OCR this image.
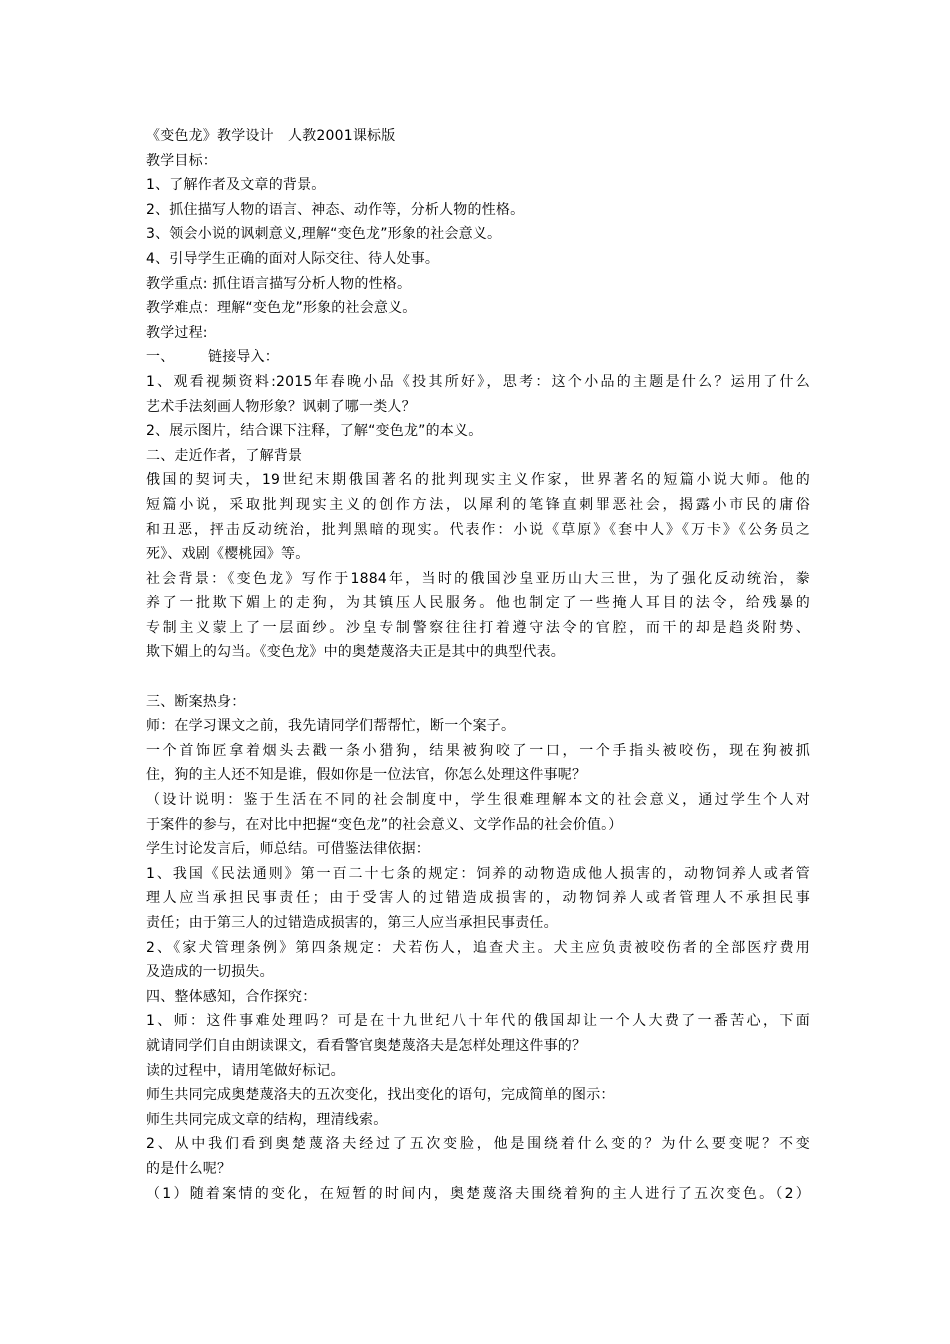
《变色龙》教学设计　人教2001课标版
教学目标：
1、了解作者及文章的背景。
2、抓住描写人物的语言、神态、动作等，分析人物的性格。
3、领会小说的讽刺意义,理解“变色龙”形象的社会意义。
4、引导学生正确的面对人际交往、待人处事。
教学重点: 抓住语言描写分析人物的性格。
教学难点：理解“变色龙”形象的社会意义。
教学过程:
一、 链接导入：
1、观看视频资料:2015年春晚小品《投其所好》，思考：这个小品的主题是什么？运用了什么
艺术手法刻画人物形象？讽刺了哪一类人？
2、展示图片，结合课下注释，了解“变色龙”的本义。
二、走近作者，了解背景
俄国的契诃夫，19世纪末期俄国著名的批判现实主义作家，世界著名的短篇小说大师。他的
短篇小说，采取批判现实主义的创作方法，以犀利的笔锋直刺罪恶社会，揭露小市民的庸俗
和丑恶，抨击反动统治，批判黑暗的现实。代表作：小说《草原》《套中人》《万卡》《公务员之
死》、戏剧《樱桃园》等。
社会背景：《变色龙》写作于1884年，当时的俄国沙皇亚历山大三世，为了强化反动统治，豢
养了一批欺下媚上的走狗，为其镇压人民服务。他也制定了一些掩人耳目的法令，给残暴的
专制主义蒙上了一层面纱。沙皇专制警察往往打着遵守法令的官腔，而干的却是趋炎附势、
欺下媚上的勾当。《变色龙》中的奥楚蔑洛夫正是其中的典型代表。
三、断案热身：
师：在学习课文之前，我先请同学们帮帮忙，断一个案子。
一个首饰匠拿着烟头去戳一条小猎狗，结果被狗咬了一口，一个手指头被咬伤，现在狗被抓
住，狗的主人还不知是谁，假如你是一位法官，你怎么处理这件事呢？
（设计说明：鉴于生活在不同的社会制度中，学生很难理解本文的社会意义，通过学生个人对
于案件的参与，在对比中把握“变色龙”的社会意义、文学作品的社会价值。）
学生讨论发言后，师总结。可借鉴法律依据：
1、我国《民法通则》第一百二十七条的规定：饲养的动物造成他人损害的，动物饲养人或者管
理人应当承担民事责任；由于受害人的过错造成损害的，动物饲养人或者管理人不承担民事
责任；由于第三人的过错造成损害的，第三人应当承担民事责任。
2、《家犬管理条例》第四条规定：犬若伤人，追查犬主。犬主应负责被咬伤者的全部医疗费用
及造成的一切损失。
四、整体感知，合作探究：
1、师：这件事难处理吗？可是在十九世纪八十年代的俄国却让一个人大费了一番苦心，下面
就请同学们自由朗读课文，看看警官奥楚蔑洛夫是怎样处理这件事的？
读的过程中，请用笔做好标记。
师生共同完成奥楚蔑洛夫的五次变化，找出变化的语句，完成简单的图示：
师生共同完成文章的结构，理清线索。
2、从中我们看到奥楚蔑洛夫经过了五次变脸，他是围绕着什么变的？为什么要变呢？不变
的是什么呢？
（1）随着案情的变化，在短暂的时间内，奥楚蔑洛夫围绕着狗的主人进行了五次变色。（2）
